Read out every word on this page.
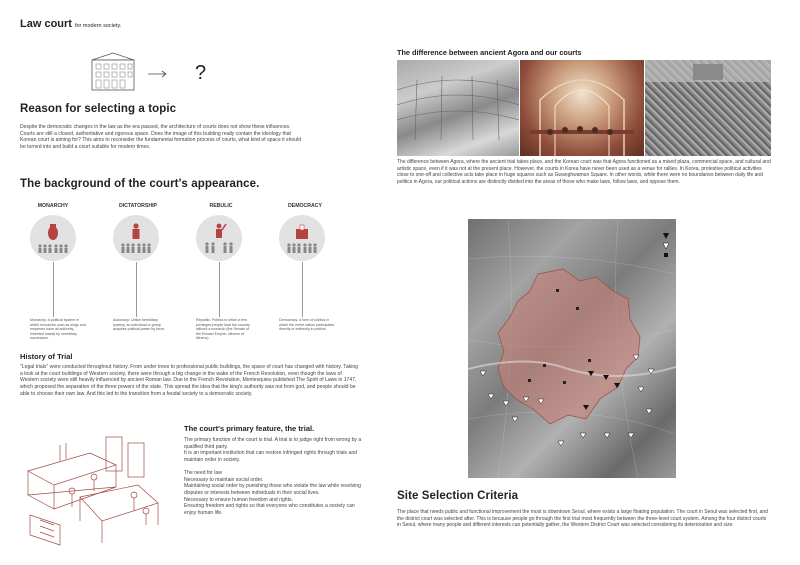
Law court for modern society.
?
Reason for selecting a topic
Despite the democratic changes in the law as the era passed, the architecture of courts does not show these influences. Courts are still a closed, authoritative and rigorous space. Does the image of this building really contain the ideology that Korean court is aiming for? This aims to reconsider the fundamental formation process of courts, what kind of space it should be turned into and build a court suitable for modern times.
The background of the court's appearance.
MONARCHY	DICTATORSHIP	REBULIC	DEMOCRACY
Monarchy: A political system in which monarchs such as kings and emperors have all authority, inherited mainly by hereditary succession.
Autocracy: Unlike hereditary tyranny, an individual or group acquires political power by force.
Republic: Politics in which a few privileged people lead the country without a monarch (the Senate of the Roman Empire, citizens of Athens).
Democracy: a form of politics in which the entire nation participates directly or indirectly in politics.
History of Trial
"Legal trials" were conducted throughout history. From under trees to professional public buildings, the space of court has changed with history. Taking a look at the court buildings of Western society, there were through a big change in the wake of the French Revolution, even though the laws of Western society were still heavily influenced by ancient Roman law. Due to the French Revolution, Montesquieu published The Spirit of Laws in 1747, which proposed the separation of the three powers of the state. This spread the idea that the king's authority was not from god, and people should be able to choose their own law. And this led to the transition from a feudal society to a democratic society.
The court's primary feature, the trial.
The primary function of the court is trial. A trial is to judge right from wrong by a qualified third party.
It is an important institution that can restore infringed rights through trials and maintain order in society.
The need for law
Necessary to maintain social order.
Maintaining social order by punishing those who violate the law while resolving disputes or interests between individuals in their social lives.
Necessary to ensure human freedom and rights.
Ensuring freedom and rights so that everyone who constitutes a society can enjoy human life.
The difference between ancient Agora and our courts
The difference between Agora, where the ancient trial takes place, and the Korean court was that Agora functioned as a mixed plaza, commercial space, and cultural and artistic space, even if it was not at the present place. However, the courts in Korea have never been used as a venue for rallies. In Korea, protestive political activities close to one-off and collective acts take place in huge squares such as Gwanghwamun Square. In other words, while there were no boundaries between daily life and politics in Agora, our political actions are distinctly divided into the areas of those who make laws, follow laws, and oppose them.
Site Selection Criteria
The place that needs public and functional improvement the most is downtown Seoul, where exists a large floating population. The court in Seoul was selected first, and the district court was selected after. This is because people go through the first trial most frequently between the three-level court system. Among the four district courts in Seoul, where many people and different interests can potentially gather, the Western District Court was selected considering its deterioration and size.
